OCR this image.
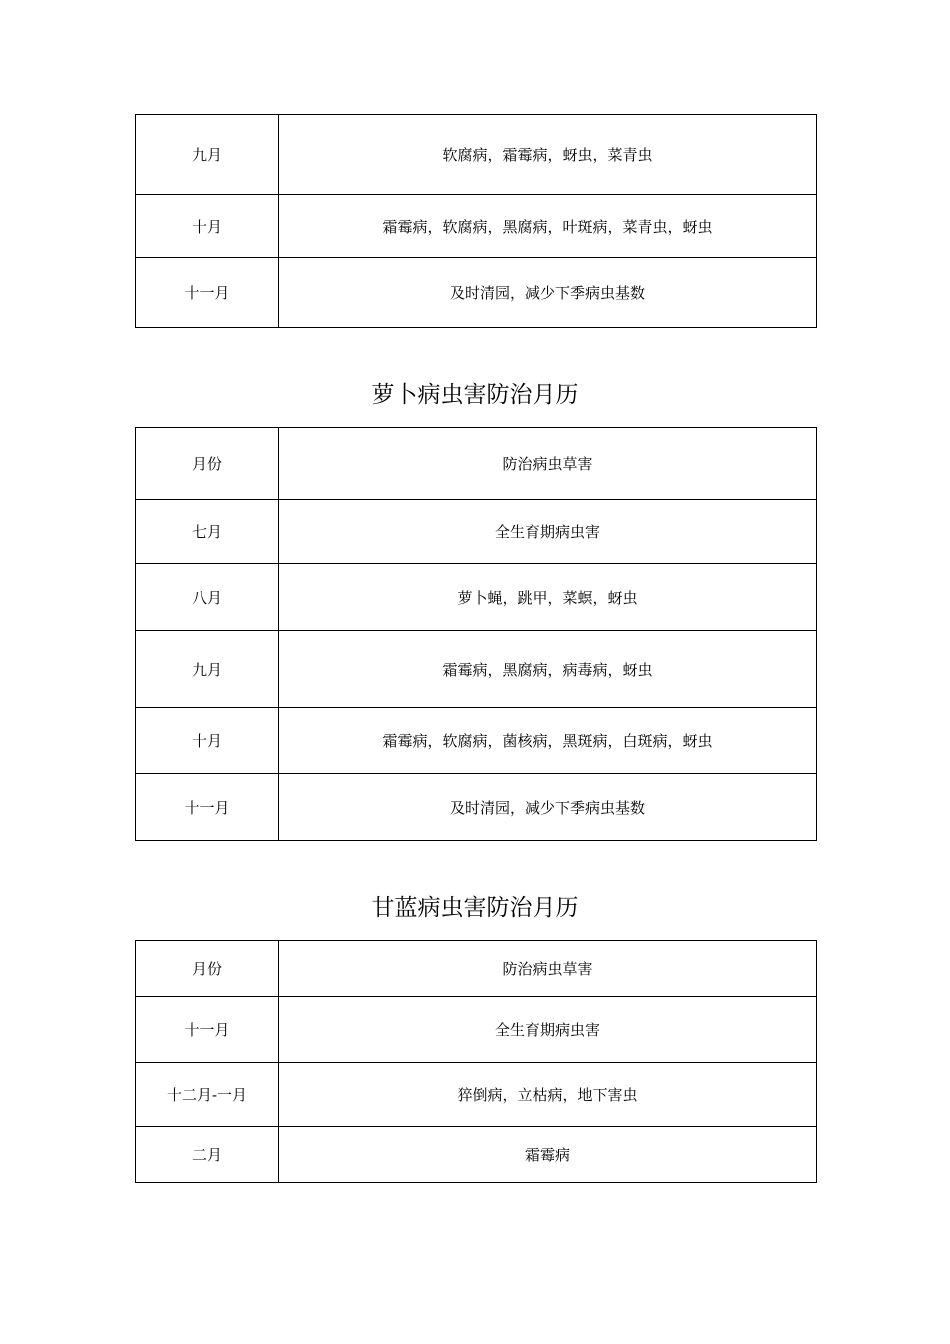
九月	软腐病，霜霉病，蚜虫，菜青虫
十月	霜霉病，软腐病，黑腐病，叶斑病，菜青虫，蚜虫
十一月	及时清园，减少下季病虫基数
萝卜病虫害防治月历
月份	防治病虫草害
七月	全生育期病虫害
八月	萝卜蝇，跳甲，菜螟，蚜虫
九月	霜霉病，黑腐病，病毒病，蚜虫
十月	霜霉病，软腐病，菌核病，黑斑病，白斑病，蚜虫
十一月	及时清园，减少下季病虫基数
甘蓝病虫害防治月历
月份	防治病虫草害
十一月	全生育期病虫害
十二月-一月	猝倒病，立枯病，地下害虫
二月	霜霉病
